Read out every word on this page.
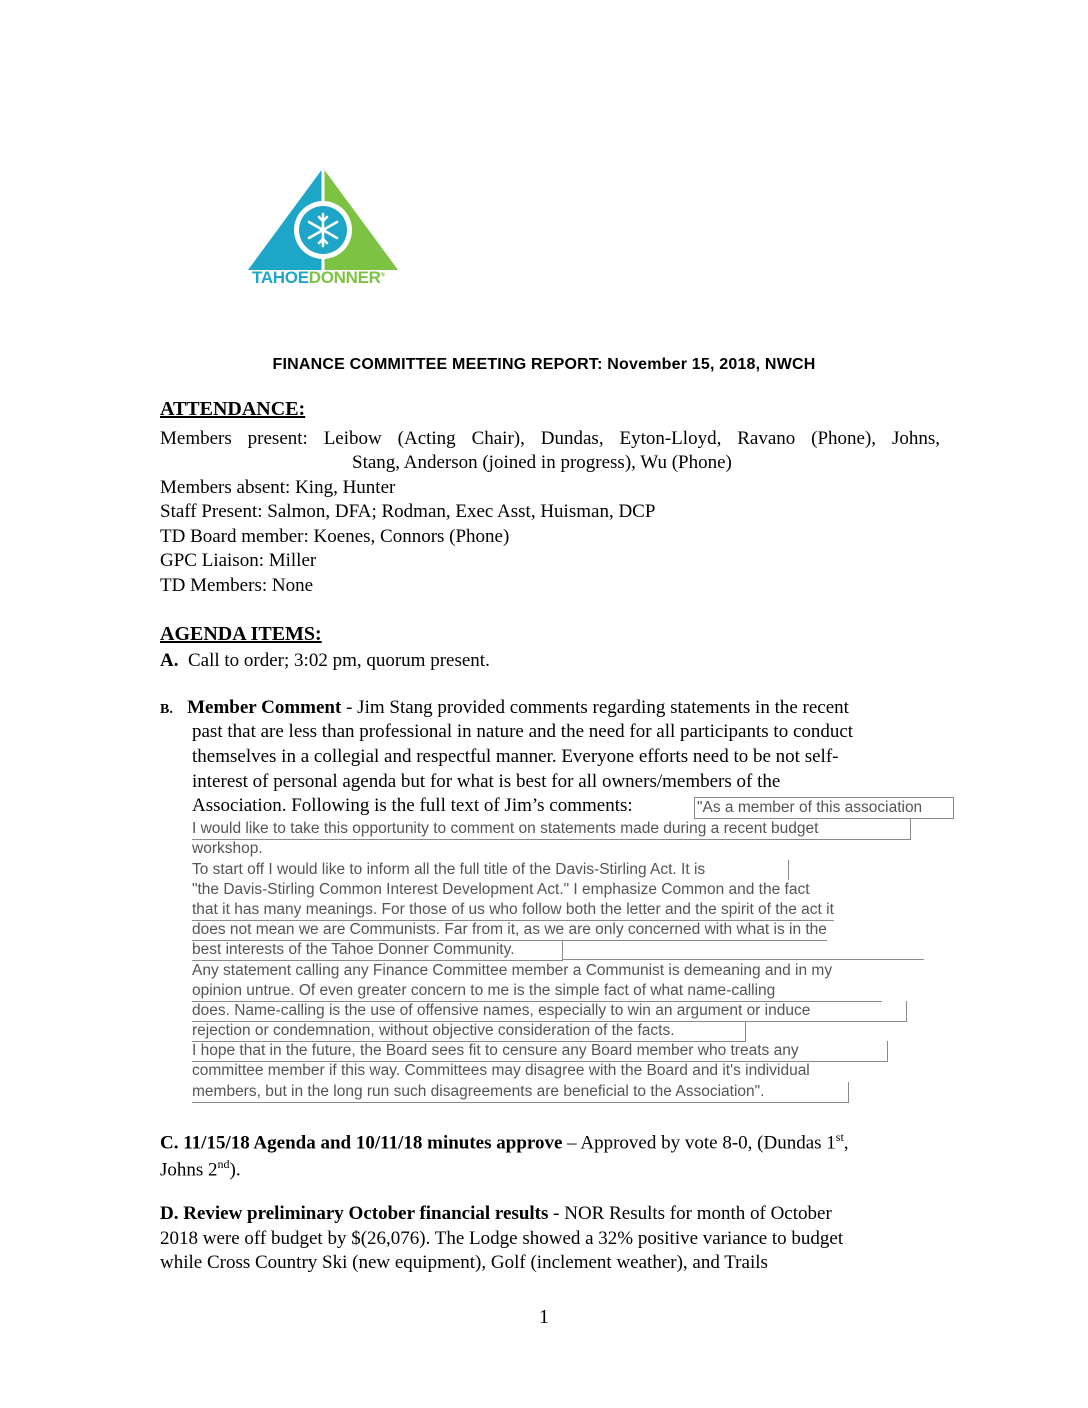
TAHOEDONNER®
FINANCE COMMITTEE MEETING REPORT: November 15, 2018, NWCH
ATTENDANCE:
Members present: Leibow (Acting Chair), Dundas, Eyton-Lloyd, Ravano (Phone), Johns,
Stang, Anderson (joined in progress), Wu (Phone)
Members absent: King, Hunter
Staff Present: Salmon, DFA; Rodman, Exec Asst, Huisman, DCP
TD Board member: Koenes, Connors (Phone)
GPC Liaison: Miller
TD Members: None
AGENDA ITEMS:
A. Call to order; 3:02 pm, quorum present.
B. Member Comment - Jim Stang provided comments regarding statements in the recent
past that are less than professional in nature and the need for all participants to conduct
themselves in a collegial and respectful manner. Everyone efforts need to be not self-
interest of personal agenda but for what is best for all owners/members of the
Association. Following is the full text of Jim’s comments:	"As a member of this association
I would like to take this opportunity to comment on statements made during a recent budget
workshop.
To start off I would like to inform all the full title of the Davis-Stirling Act. It is
"the Davis-Stirling Common Interest Development Act." I emphasize Common and the fact
that it has many meanings. For those of us who follow both the letter and the spirit of the act it
does not mean we are Communists. Far from it, as we are only concerned with what is in the
best interests of the Tahoe Donner Community.
Any statement calling any Finance Committee member a Communist is demeaning and in my
opinion untrue. Of even greater concern to me is the simple fact of what name-calling
does. Name-calling is the use of offensive names, especially to win an argument or induce
rejection or condemnation, without objective consideration of the facts.
I hope that in the future, the Board sees fit to censure any Board member who treats any
committee member if this way. Committees may disagree with the Board and it's individual
members, but in the long run such disagreements are beneficial to the Association".
C. 11/15/18 Agenda and 10/11/18 minutes approve – Approved by vote 8-0, (Dundas 1st,
Johns 2nd).
D. Review preliminary October financial results - NOR Results for month of October
2018 were off budget by $(26,076). The Lodge showed a 32% positive variance to budget
while Cross Country Ski (new equipment), Golf (inclement weather), and Trails
1
